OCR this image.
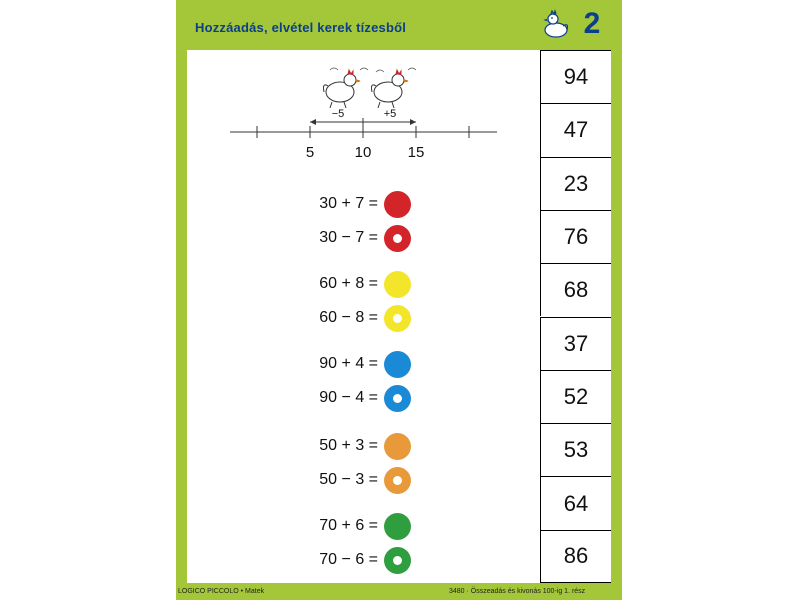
Hozzáadás, elvétel kerek tízesből	2
−5	+5
5	10 15
30 + 7 =
30 − 7 =
60 + 8 =
60 − 8 =
90 + 4 =
90 − 4 =
50 + 3 =
50 − 3 =
70 + 6 =
70 − 6 =
94
47
23
76
68
37
52
53
64
86
LOGICO PICCOLO • Matek	3480 · Összeadás és kivonás 100-ig 1. rész
